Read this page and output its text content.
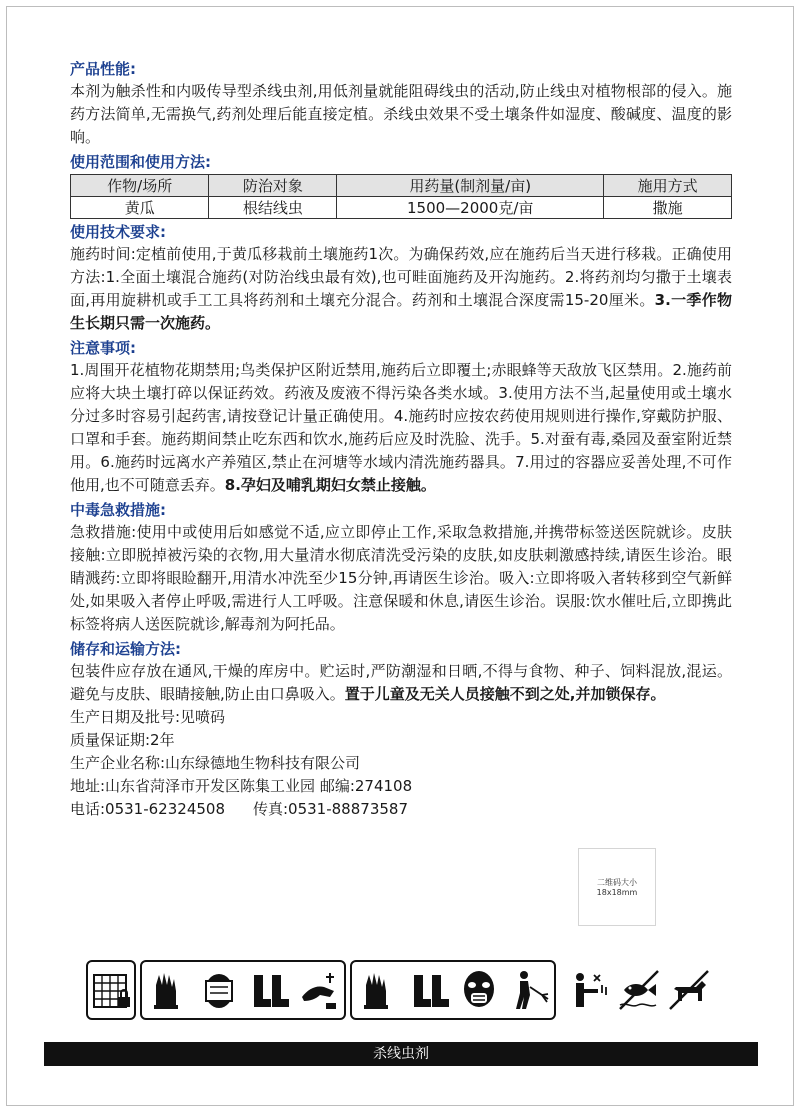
产品性能:
本剂为触杀性和内吸传导型杀线虫剂,用低剂量就能阻碍线虫的活动,防止线虫对植物根部的侵入。施药方法简单,无需换气,药剂处理后能直接定植。杀线虫效果不受土壤条件如湿度、酸碱度、温度的影响。
使用范围和使用方法:
作物/场所	防治对象	用药量(制剂量/亩)	施用方式
黄瓜	根结线虫	1500—2000克/亩	撒施
使用技术要求:
施药时间:定植前使用,于黄瓜移栽前土壤施药1次。为确保药效,应在施药后当天进行移栽。正确使用方法:1.全面土壤混合施药(对防治线虫最有效),也可畦面施药及开沟施药。2.将药剂均匀撒于土壤表面,再用旋耕机或手工工具将药剂和土壤充分混合。药剂和土壤混合深度需15-20厘米。3.一季作物生长期只需一次施药。
注意事项:
1.周围开花植物花期禁用;鸟类保护区附近禁用,施药后立即覆土;赤眼蜂等天敌放飞区禁用。2.施药前应将大块土壤打碎以保证药效。药液及废液不得污染各类水域。3.使用方法不当,起量使用或土壤水分过多时容易引起药害,请按登记计量正确使用。4.施药时应按农药使用规则进行操作,穿戴防护服、口罩和手套。施药期间禁止吃东西和饮水,施药后应及时洗脸、洗手。5.对蚕有毒,桑园及蚕室附近禁用。6.施药时远离水产养殖区,禁止在河塘等水域内清洗施药器具。7.用过的容器应妥善处理,不可作他用,也不可随意丢弃。8.孕妇及哺乳期妇女禁止接触。
中毒急救措施:
急救措施:使用中或使用后如感觉不适,应立即停止工作,采取急救措施,并携带标签送医院就诊。皮肤接触:立即脱掉被污染的衣物,用大量清水彻底清洗受污染的皮肤,如皮肤刺激感持续,请医生诊治。眼睛溅药:立即将眼睑翻开,用清水冲洗至少15分钟,再请医生诊治。吸入:立即将吸入者转移到空气新鲜处,如果吸入者停止呼吸,需进行人工呼吸。注意保暖和休息,请医生诊治。误服:饮水催吐后,立即携此标签将病人送医院就诊,解毒剂为阿托品。
储存和运输方法:
包装件应存放在通风,干燥的库房中。贮运时,严防潮湿和日晒,不得与食物、种子、饲料混放,混运。避免与皮肤、眼睛接触,防止由口鼻吸入。置于儿童及无关人员接触不到之处,并加锁保存。
生产日期及批号:见喷码
质量保证期:2年
生产企业名称:山东绿德地生物科技有限公司
地址:山东省菏泽市开发区陈集工业园 邮编:274108
电话:0531-62324508 传真:0531-88873587
二维码大小
18x18mm
杀线虫剂
